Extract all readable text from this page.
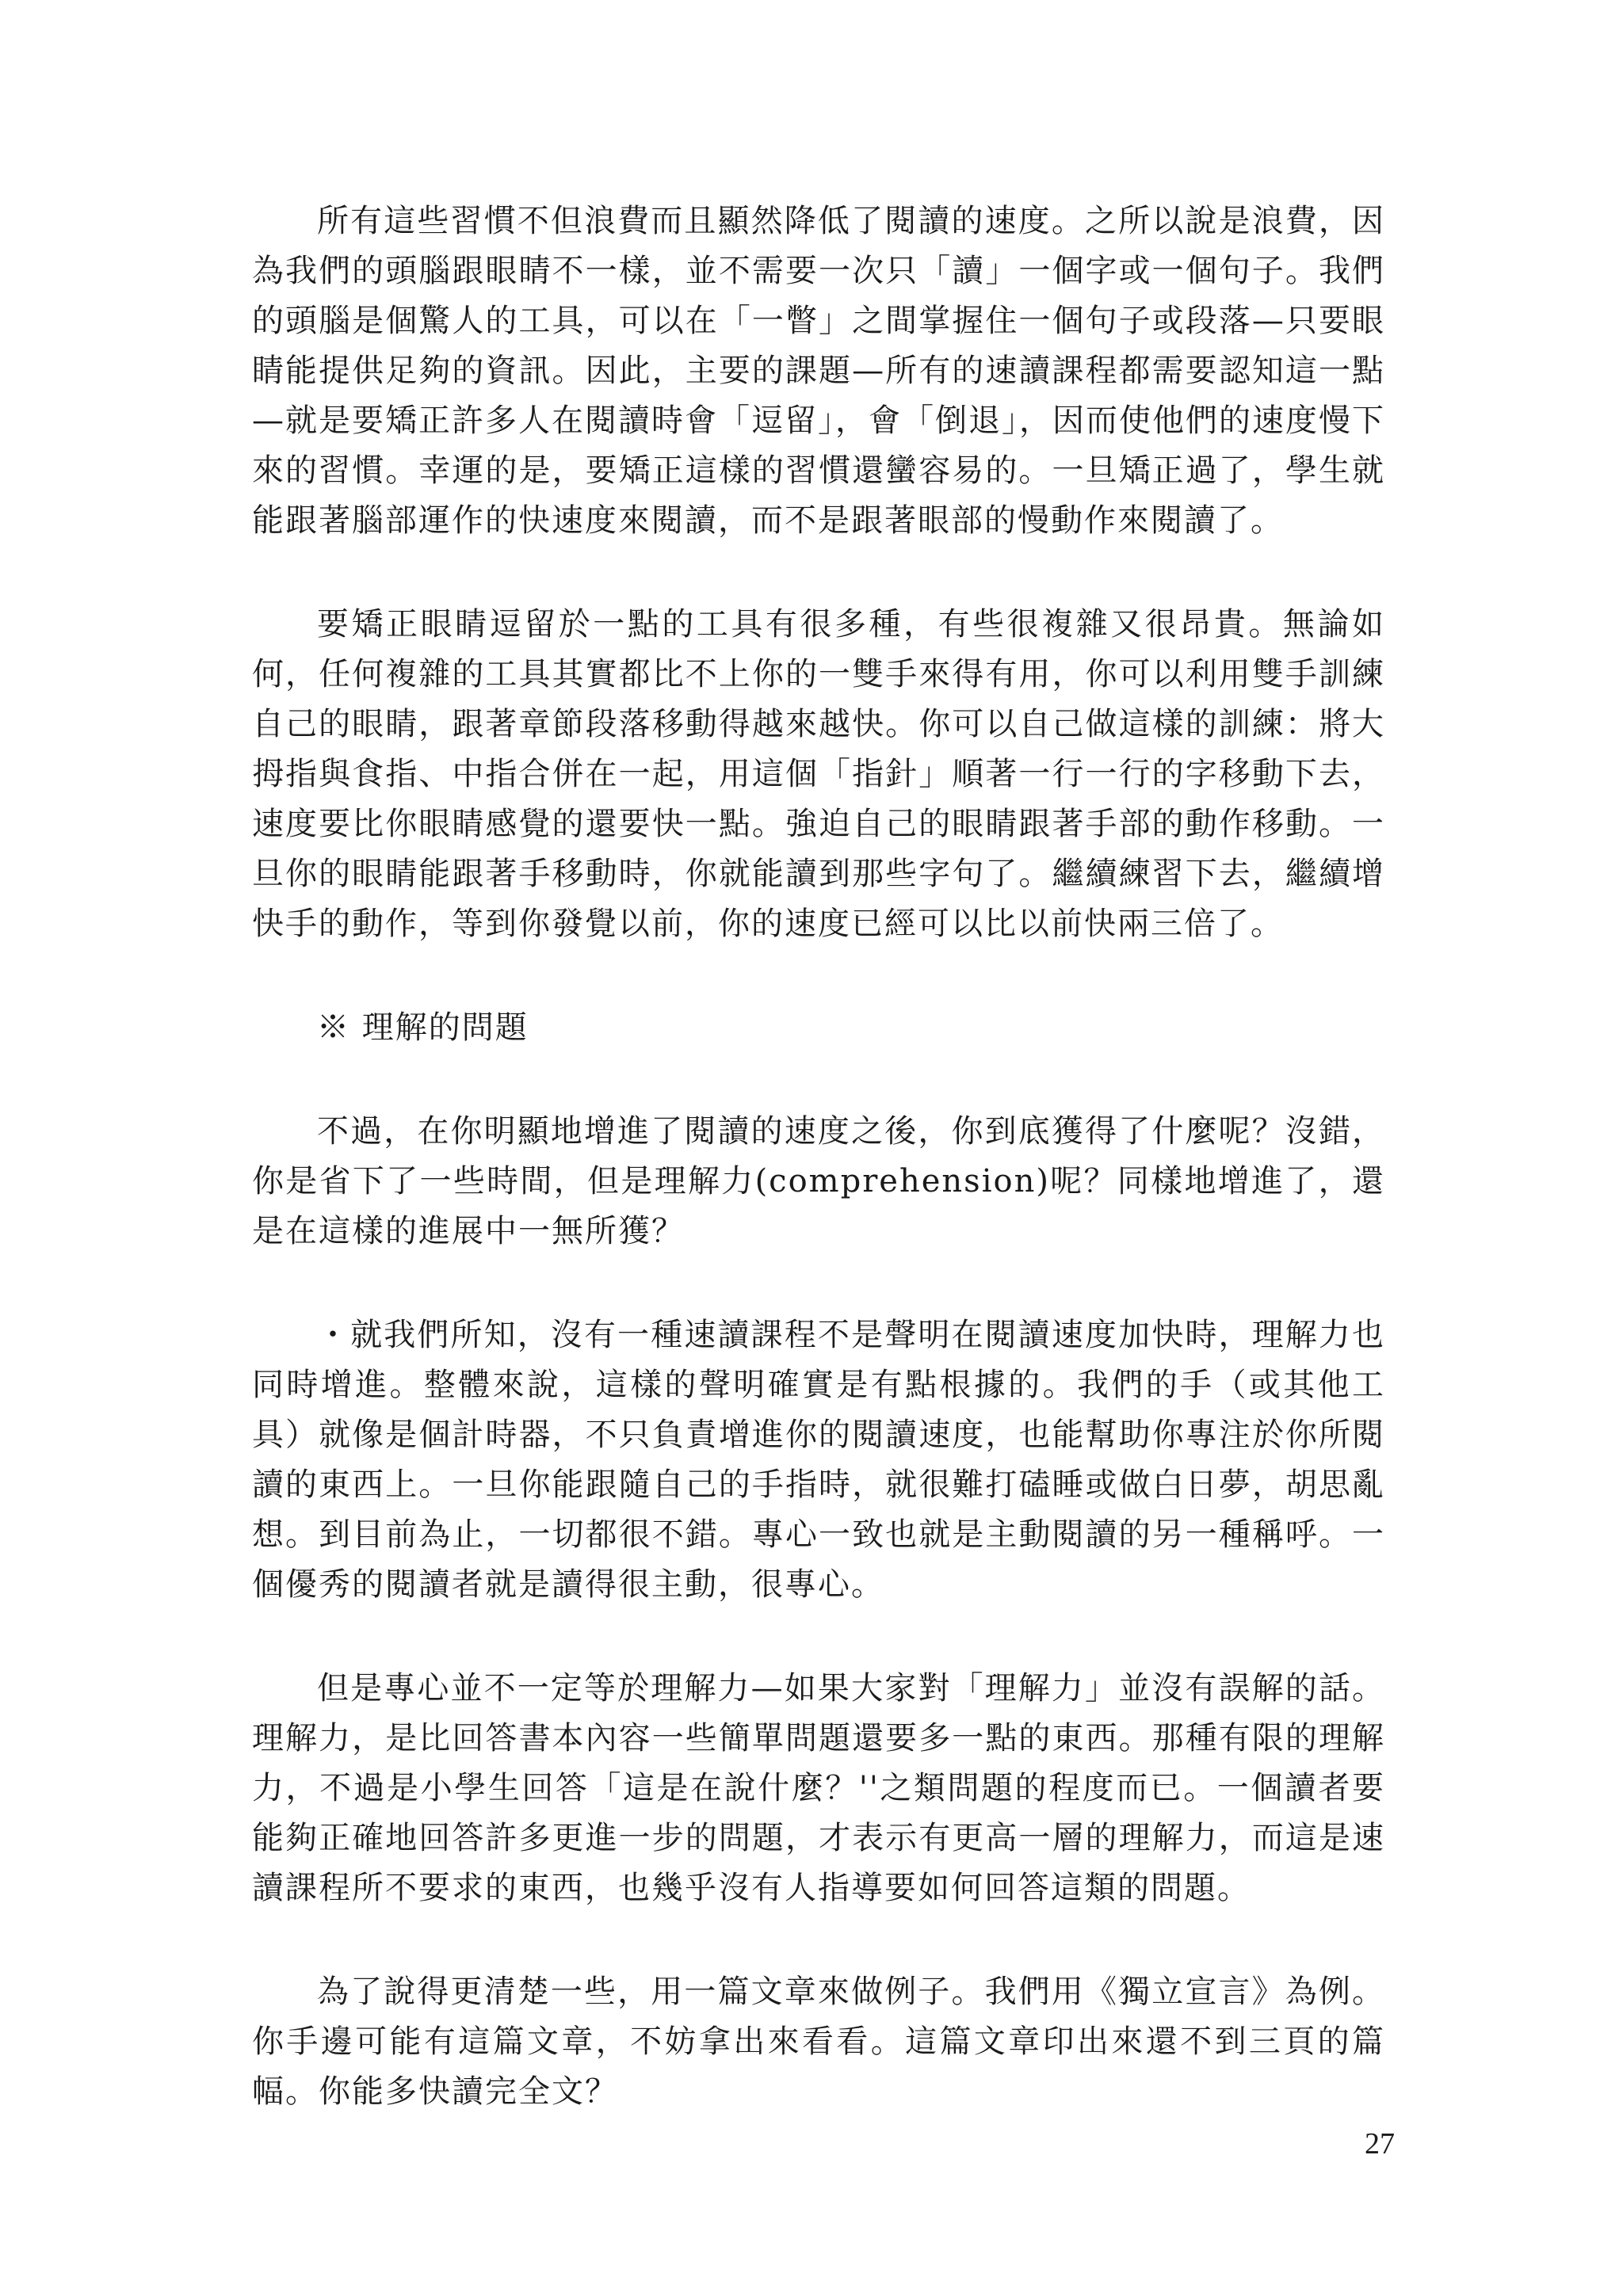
所有這些習慣不但浪費而且顯然降低了閱讀的速度。之所以說是浪費，因為我們的頭腦跟眼睛不一樣，並不需要一次只「讀」一個字或一個句子。我們的頭腦是個驚人的工具，可以在「一瞥」之間掌握住一個句子或段落—只要眼睛能提供足夠的資訊。因此，主要的課題—所有的速讀課程都需要認知這一點—就是要矯正許多人在閱讀時會「逗留」，會「倒退」，因而使他們的速度慢下來的習慣。幸運的是，要矯正這樣的習慣還蠻容易的。一旦矯正過了，學生就能跟著腦部運作的快速度來閱讀，而不是跟著眼部的慢動作來閱讀了。

要矯正眼睛逗留於一點的工具有很多種，有些很複雜又很昂貴。無論如何，任何複雜的工具其實都比不上你的一雙手來得有用，你可以利用雙手訓練自己的眼睛，跟著章節段落移動得越來越快。你可以自己做這樣的訓練：將大拇指與食指、中指合併在一起，用這個「指針」順著一行一行的字移動下去，速度要比你眼睛感覺的還要快一點。強迫自己的眼睛跟著手部的動作移動。一旦你的眼睛能跟著手移動時，你就能讀到那些字句了。繼續練習下去，繼續增快手的動作，等到你發覺以前，你的速度已經可以比以前快兩三倍了。

※ 理解的問題

不過，在你明顯地增進了閱讀的速度之後，你到底獲得了什麼呢？沒錯，你是省下了一些時間，但是理解力(comprehension)呢？同樣地增進了，還是在這樣的進展中一無所獲？

・就我們所知，沒有一種速讀課程不是聲明在閱讀速度加快時，理解力也同時增進。整體來說，這樣的聲明確實是有點根據的。我們的手（或其他工具）就像是個計時器，不只負責增進你的閱讀速度，也能幫助你專注於你所閱讀的東西上。一旦你能跟隨自己的手指時，就很難打磕睡或做白日夢，胡思亂想。到目前為止，一切都很不錯。專心一致也就是主動閱讀的另一種稱呼。一個優秀的閱讀者就是讀得很主動，很專心。

但是專心並不一定等於理解力—如果大家對「理解力」並沒有誤解的話。理解力，是比回答書本內容一些簡單問題還要多一點的東西。那種有限的理解力，不過是小學生回答「這是在說什麼？''之類問題的程度而已。一個讀者要能夠正確地回答許多更進一步的問題，才表示有更高一層的理解力，而這是速讀課程所不要求的東西，也幾乎沒有人指導要如何回答這類的問題。

為了說得更清楚一些，用一篇文章來做例子。我們用《獨立宣言》為例。你手邊可能有這篇文章，不妨拿出來看看。這篇文章印出來還不到三頁的篇幅。你能多快讀完全文？

27
